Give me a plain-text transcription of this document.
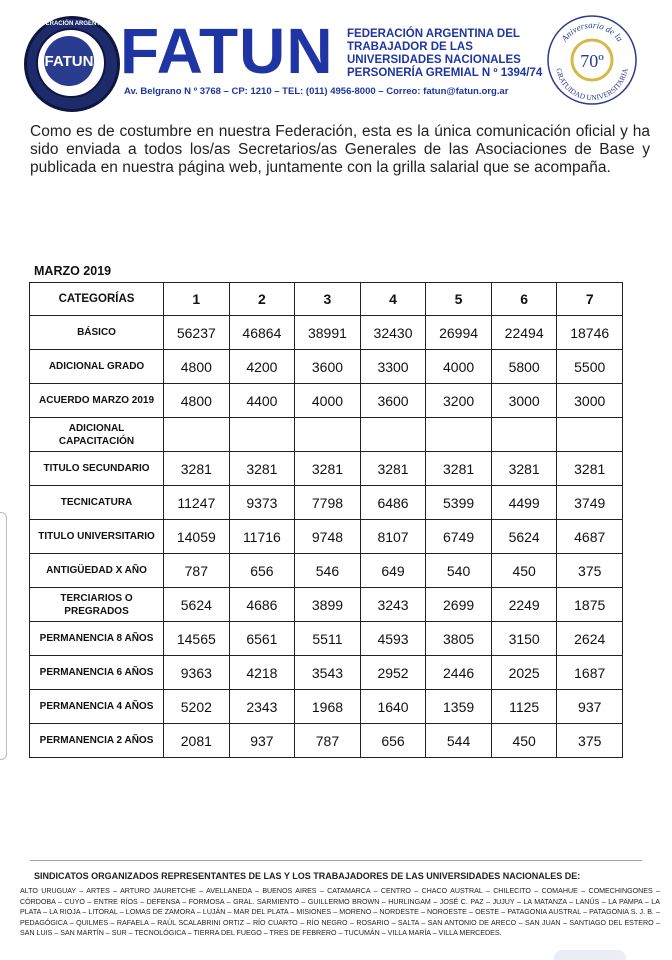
FEDERACIÓN ARGENTINA
FATUN FATUN FEDERACIÓN ARGENTINA DEL
TRABAJADOR DE LAS
UNIVERSIDADES NACIONALES
PERSONERÍA GREMIAL N º 1394/74
Av. Belgrano N º 3768 – CP: 1210 – TEL: (011) 4956-8000 – Correo: fatun@fatun.org.ar
Aniversario de la
70º
GRATUIDAD UNIVERSITARIA
Como es de costumbre en nuestra Federación, esta es la única comunicación oficial y ha sido enviada a todos los/as Secretarios/as Generales de las Asociaciones de Base y publicada en nuestra página web, juntamente con la grilla salarial que se acompaña.
MARZO 2019
CATEGORÍAS	1	2	3	4	5	6	7
BÁSICO	56237	46864	38991	32430	26994	22494	18746
ADICIONAL GRADO	4800	4200	3600	3300	4000	5800	5500
ACUERDO MARZO 2019	4800	4400	4000	3600	3200	3000	3000
ADICIONAL CAPACITACIÓN							
TITULO SECUNDARIO	3281	3281	3281	3281	3281	3281	3281
TECNICATURA	11247	9373	7798	6486	5399	4499	3749
TITULO UNIVERSITARIO	14059	11716	9748	8107	6749	5624	4687
ANTIGÜEDAD X AÑO	787	656	546	649	540	450	375
TERCIARIOS O PREGRADOS	5624	4686	3899	3243	2699	2249	1875
PERMANENCIA 8 AÑOS	14565	6561	5511	4593	3805	3150	2624
PERMANENCIA 6 AÑOS	9363	4218	3543	2952	2446	2025	1687
PERMANENCIA 4 AÑOS	5202	2343	1968	1640	1359	1125	937
PERMANENCIA 2 AÑOS	2081	937	787	656	544	450	375
SINDICATOS ORGANIZADOS REPRESENTANTES DE LAS Y LOS TRABAJADORES DE LAS UNIVERSIDADES NACIONALES DE:
ALTO URUGUAY – ARTES – ARTURO JAURETCHE – AVELLANEDA – BUENOS AIRES – CATAMARCA – CENTRO – CHACO AUSTRAL – CHILECITO – COMAHUE – COMECHINGONES – CÓRDOBA – CUYO – ENTRE RÍOS – DEFENSA – FORMOSA – GRAL. SARMIENTO – GUILLERMO BROWN – HURLINGAM – JOSÉ C. PAZ – JUJUY – LA MATANZA – LANÚS – LA PAMPA – LA PLATA – LA RIOJA – LITORAL – LOMAS DE ZAMORA – LUJÁN – MAR DEL PLATA – MISIONES – MORENO – NORDESTE – NOROESTE – OESTE – PATAGONIA AUSTRAL – PATAGONIA S. J. B. – PEDAGÓGICA – QUILMES – RAFAELA – RAÚL SCALABRINI ORTIZ – RÍO CUARTO – RÍO NEGRO – ROSARIO – SALTA – SAN ANTONIO DE ARECO – SAN JUAN – SANTIAGO DEL ESTERO – SAN LUIS – SAN MARTÍN – SUR – TECNOLÓGICA – TIERRA DEL FUEGO – TRES DE FEBRERO – TUCUMÁN – VILLA MARÍA – VILLA MERCEDES.
